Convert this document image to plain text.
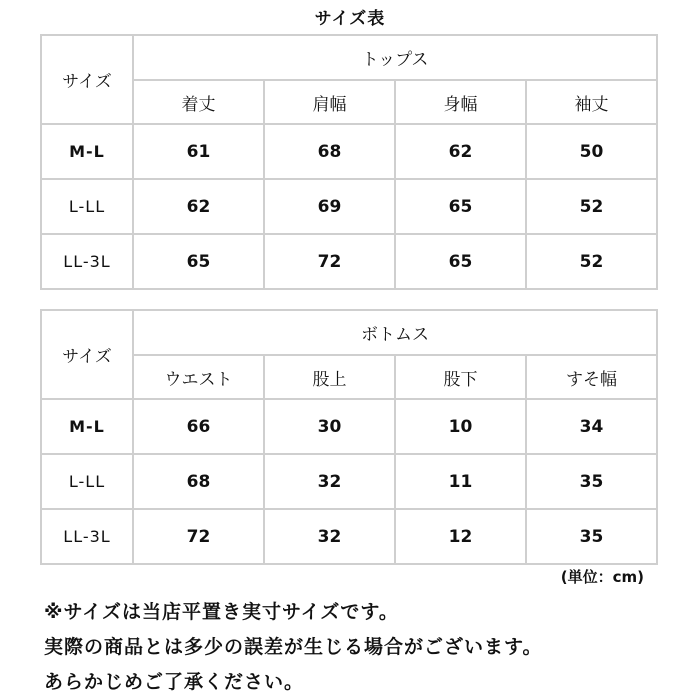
サイズ表
サイズ	トップス			
	着丈	肩幅	身幅	袖丈
M-L	61	68	62	50
L-LL	62	69	65	52
LL-3L	65	72	65	52
サイズ	ボトムス			
	ウエスト	股上	股下	すそ幅
M-L	66	30	10	34
L-LL	68	32	11	35
LL-3L	72	32	12	35
(単位：cm)
※サイズは当店平置き実寸サイズです。
実際の商品とは多少の誤差が生じる場合がございます。
あらかじめご了承ください。
